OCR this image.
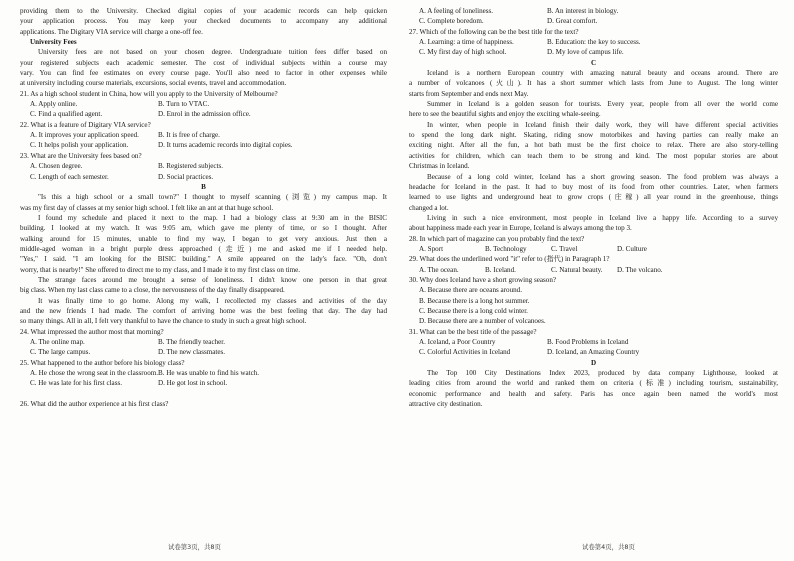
providing them to the University. Checked digital copies of your academic records can help quicken
your application process. You may keep your checked documents to accompany any additional
applications. The Digitary VIA service will charge a one-off fee.
University Fees
University fees are not based on your chosen degree. Undergraduate tuition fees differ based on
your registered subjects each academic semester. The cost of individual subjects within a course may
vary. You can find fee estimates on every course page. You'll also need to factor in other expenses while
at university including course materials, excursions, social events, travel and accommodation.
21. As a high school student in China, how will you apply to the University of Melbourne?
A. Apply online.	B. Turn to VTAC.
C. Find a qualified agent.	D. Enrol in the admission office.
22. What is a feature of Digitary VIA service?
A. It improves your application speed.	B. It is free of charge.
C. It helps polish your application.	D. It turns academic records into digital copies.
23. What are the University fees based on?
A. Chosen degree.	B. Registered subjects.
C. Length of each semester.	D. Social practices.
B
"Is this a high school or a small town?" I thought to myself scanning (浏览) my campus map. It
was my first day of classes at my senior high school. I felt like an ant at that huge school.
I found my schedule and placed it next to the map. I had a biology class at 9:30 am in the BISIC
building. I looked at my watch. It was 9:05 am, which gave me plenty of time, or so I thought. After
walking around for 15 minutes, unable to find my way, I began to get very anxious. Just then a
middle-aged woman in a bright purple dress approached (走近) me and asked me if I needed help.
"Yes," I said. "I am looking for the BISIC building." A smile appeared on the lady's face. "Oh, don't
worry, that is nearby!" She offered to direct me to my class, and I made it to my first class on time.
The strange faces around me brought a sense of loneliness. I didn't know one person in that great
big class. When my last class came to a close, the nervousness of the day finally disappeared.
It was finally time to go home. Along my walk, I recollected my classes and activities of the day
and the new friends I had made. The comfort of arriving home was the best feeling that day. The day had
so many things. All in all, I felt very thankful to have the chance to study in such a great high school.
24. What impressed the author most that morning?
A. The online map.	B. The friendly teacher.
C. The large campus.	D. The new classmates.
25. What happened to the author before his biology class?
A. He chose the wrong seat in the classroom. B. He was unable to find his watch.
C. He was late for his first class.	D. He got lost in school.
26. What did the author experience at his first class?
试卷第3页，共8页
A. A feeling of loneliness.	B. An interest in biology.
C. Complete boredom.	D. Great comfort.
27. Which of the following can be the best title for the text?
A. Learning: a time of happiness.	B. Education: the key to success.
C. My first day of high school.	D. My love of campus life.
C
Iceland is a northern European country with amazing natural beauty and oceans around. There are
a number of volcanoes (火山). It has a short summer which lasts from June to August. The long winter
starts from September and ends next May.
Summer in Iceland is a golden season for tourists. Every year, people from all over the world come
here to see the beautiful sights and enjoy the exciting whale-seeing.
In winter, when people in Iceland finish their daily work, they will have different special activities
to spend the long dark night. Skating, riding snow motorbikes and having parties can really make an
exciting night. After all the fun, a hot bath must be the first choice to relax. There are also story-telling
activities for children, which can teach them to be strong and kind. The most popular stories are about
Christmas in Iceland.
Because of a long cold winter, Iceland has a short growing season. The food problem was always a
headache for Iceland in the past. It had to buy most of its food from other countries. Later, when farmers
learned to use lights and underground heat to grow crops (庄稼) all year round in the greenhouse, things
changed a lot.
Living in such a nice environment, most people in Iceland live a happy life. According to a survey
about happiness made each year in Europe, Iceland is always among the top 3.
28. In which part of magazine can you probably find the text?
A. Sport	B. Technology	C. Travel	D. Culture
29. What does the underlined word "it" refer to (指代) in Paragraph 1?
A. The ocean.	B. Iceland.	C. Natural beauty.	D. The volcano.
30. Why does Iceland have a short growing season?
A. Because there are oceans around.
B. Because there is a long hot summer.
C. Because there is a long cold winter.
D. Because there are a number of volcanoes.
31. What can be the best title of the passage?
A. Iceland, a Poor Country	B. Food Problems in Iceland
C. Colorful Activities in Iceland	D. Iceland, an Amazing Country
D
The Top 100 City Destinations Index 2023, produced by data company Lighthouse, looked at
leading cities from around the world and ranked them on criteria (标准) including tourism, sustainability,
economic performance and health and safety. Paris has once again been named the world's most
attractive city destination.
试卷第4页，共8页
